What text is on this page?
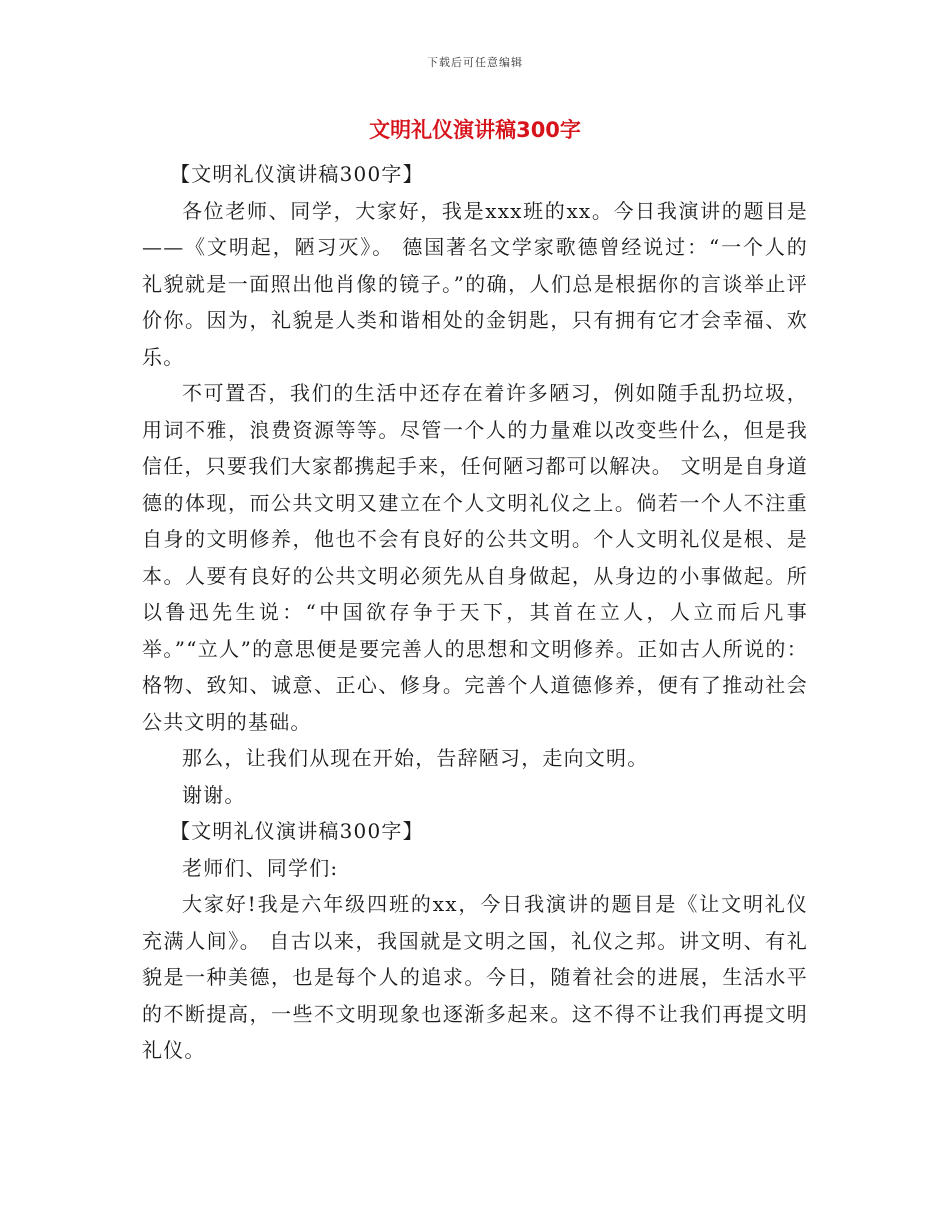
下载后可任意编辑
文明礼仪演讲稿300字

【文明礼仪演讲稿300字】

各位老师、同学，大家好，我是xxx班的xx。今日我演讲的题目是——《文明起，陋习灭》。 德国著名文学家歌德曾经说过：“一个人的礼貌就是一面照出他肖像的镜子。”的确，人们总是根据你的言谈举止评价你。因为，礼貌是人类和谐相处的金钥匙，只有拥有它才会幸福、欢乐。

不可置否，我们的生活中还存在着许多陋习，例如随手乱扔垃圾，用词不雅，浪费资源等等。尽管一个人的力量难以改变些什么，但是我信任，只要我们大家都携起手来，任何陋习都可以解决。 文明是自身道德的体现，而公共文明又建立在个人文明礼仪之上。倘若一个人不注重自身的文明修养，他也不会有良好的公共文明。个人文明礼仪是根、是本。人要有良好的公共文明必须先从自身做起，从身边的小事做起。所以鲁迅先生说：“中国欲存争于天下，其首在立人，人立而后凡事举。”“立人”的意思便是要完善人的思想和文明修养。正如古人所说的：格物、致知、诚意、正心、修身。完善个人道德修养，便有了推动社会公共文明的基础。

那么，让我们从现在开始，告辞陋习，走向文明。

谢谢。

【文明礼仪演讲稿300字】

老师们、同学们:

大家好!我是六年级四班的xx，今日我演讲的题目是《让文明礼仪充满人间》。 自古以来，我国就是文明之国，礼仪之邦。讲文明、有礼貌是一种美德，也是每个人的追求。今日，随着社会的进展，生活水平的不断提高，一些不文明现象也逐渐多起来。这不得不让我们再提文明礼仪。
